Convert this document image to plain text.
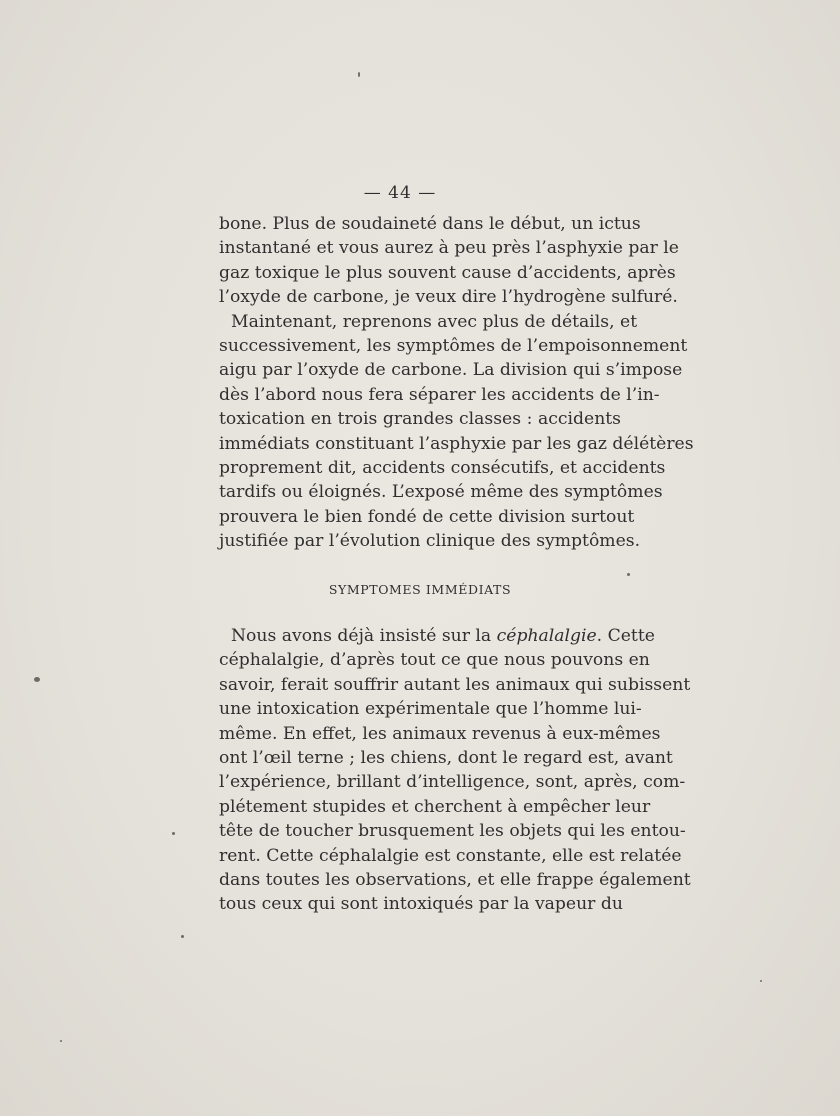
— 44 —
bone. Plus de soudaineté dans le début, un ictus
instantané et vous aurez à peu près l’asphyxie par le
gaz toxique le plus souvent cause d’accidents, après
l’oxyde de carbone, je veux dire l’hydrogène sulfuré.
Maintenant, reprenons avec plus de détails, et
successivement, les symptômes de l’empoisonnement
aigu par l’oxyde de carbone. La division qui s’impose
dès l’abord nous fera séparer les accidents de l’in-
toxication en trois grandes classes : accidents
immédiats constituant l’asphyxie par les gaz délétères
proprement dit, accidents consécutifs, et accidents
tardifs ou éloignés. L’exposé même des symptômes
prouvera le bien fondé de cette division surtout
justifiée par l’évolution clinique des symptômes.
SYMPTOMES IMMÉDIATS
Nous avons déjà insisté sur la céphalalgie. Cette
céphalalgie, d’après tout ce que nous pouvons en
savoir, ferait souffrir autant les animaux qui subissent
une intoxication expérimentale que l’homme lui-
même. En effet, les animaux revenus à eux-mêmes
ont l’œil terne ; les chiens, dont le regard est, avant
l’expérience, brillant d’intelligence, sont, après, com-
plétement stupides et cherchent à empêcher leur
tête de toucher brusquement les objets qui les entou-
rent. Cette céphalalgie est constante, elle est relatée
dans toutes les observations, et elle frappe également
tous ceux qui sont intoxiqués par la vapeur du
